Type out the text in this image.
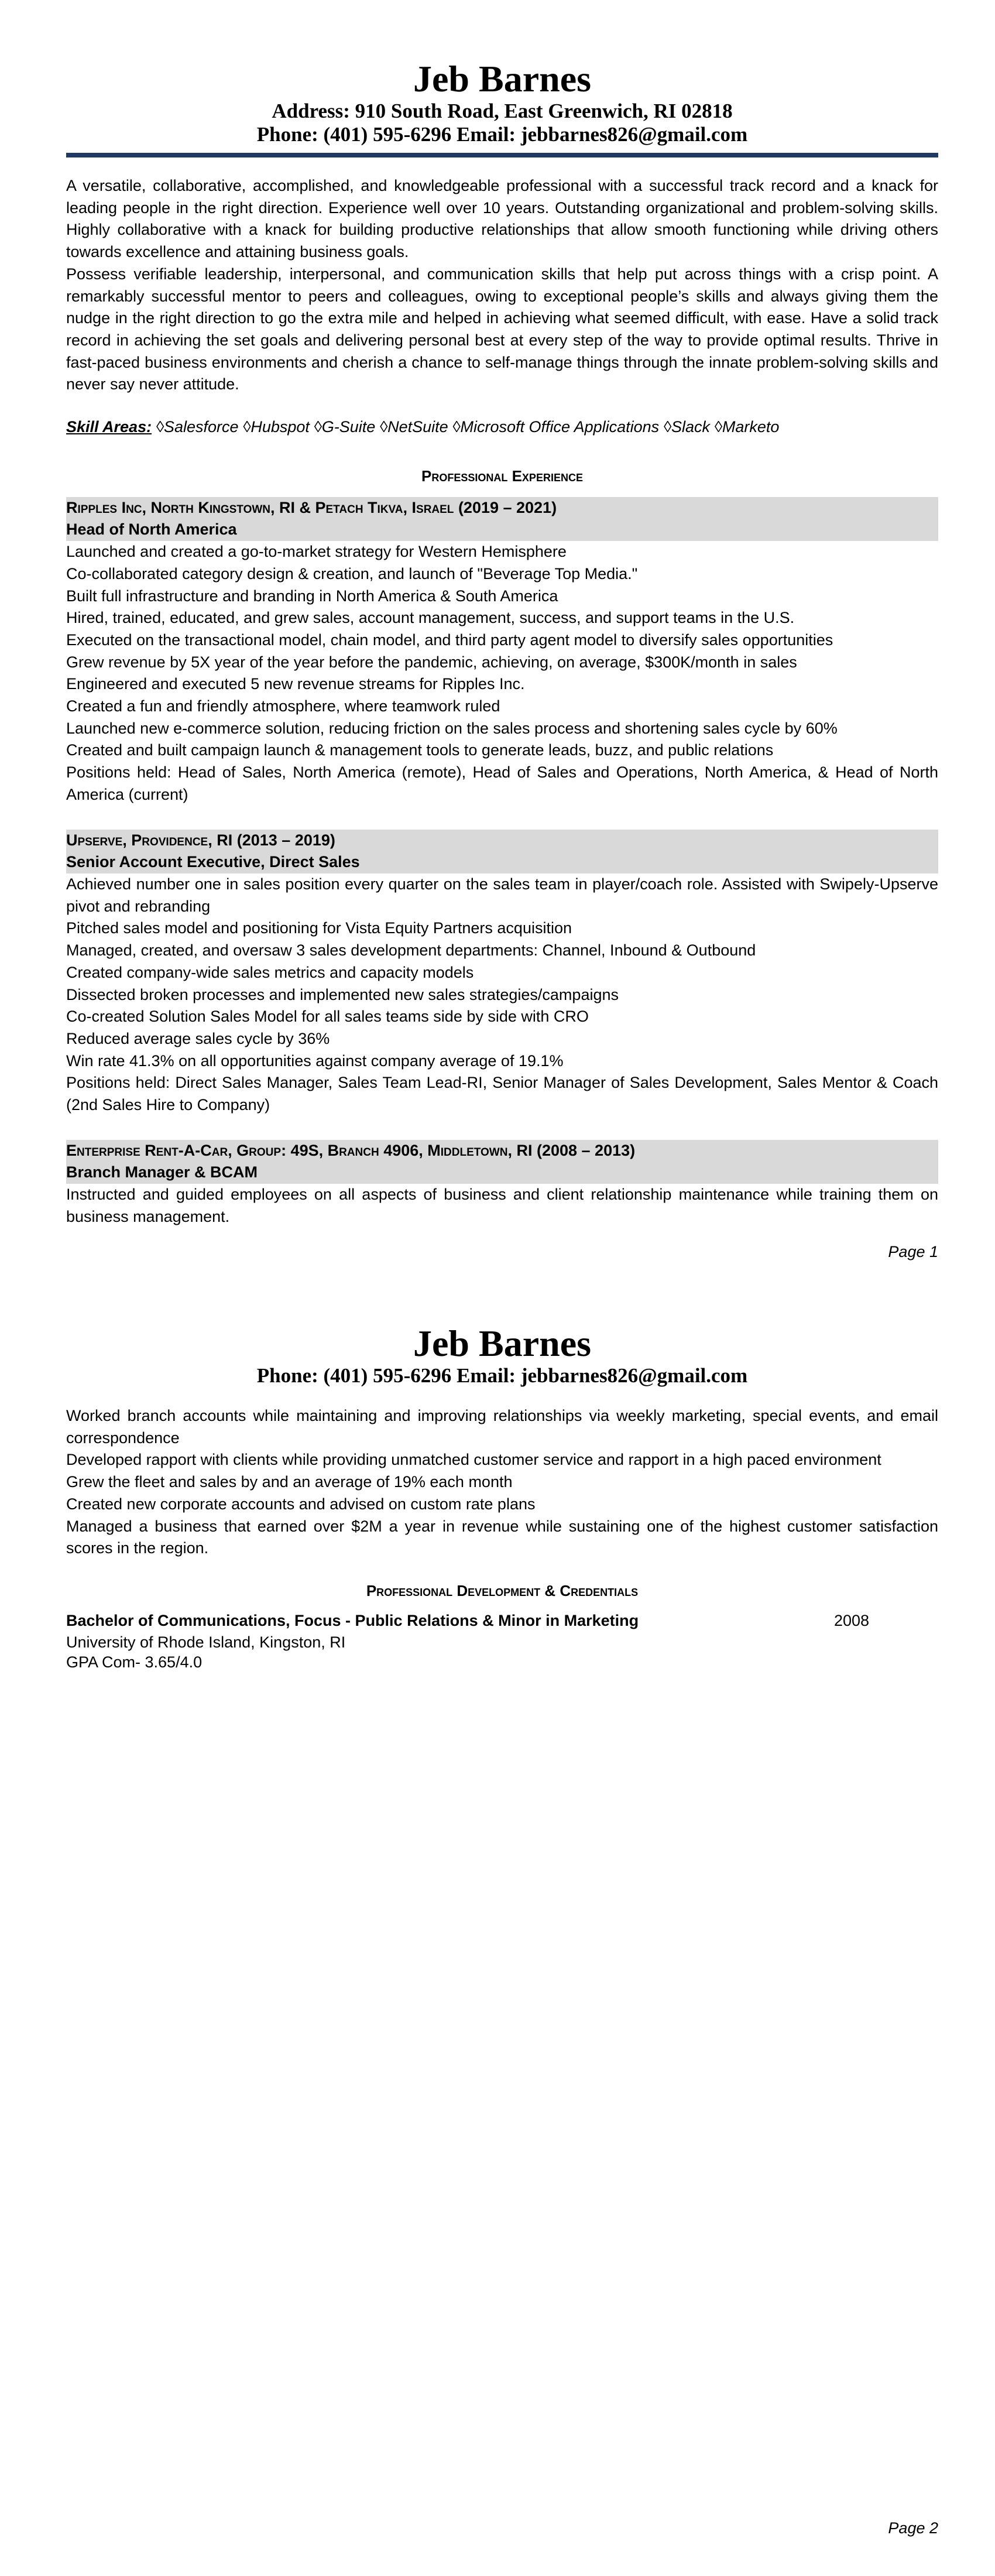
Jeb Barnes

Address: 910 South Road, East Greenwich, RI 02818

Phone: (401) 595-6296 Email: jebbarnes826@gmail.com

A versatile, collaborative, accomplished, and knowledgeable professional with a successful track record and a knack for leading people in the right direction. Experience well over 10 years. Outstanding organizational and problem-solving skills. Highly collaborative with a knack for building productive relationships that allow smooth functioning while driving others towards excellence and attaining business goals.

Possess verifiable leadership, interpersonal, and communication skills that help put across things with a crisp point. A remarkably successful mentor to peers and colleagues, owing to exceptional people’s skills and always giving them the nudge in the right direction to go the extra mile and helped in achieving what seemed difficult, with ease. Have a solid track record in achieving the set goals and delivering personal best at every step of the way to provide optimal results. Thrive in fast-paced business environments and cherish a chance to self-manage things through the innate problem-solving skills and never say never attitude.

Skill Areas: ◊Salesforce ◊Hubspot ◊G-Suite ◊NetSuite ◊Microsoft Office Applications ◊Slack ◊Marketo
Professional Experience
Ripples Inc, North Kingstown, RI & Petach Tikva, Israel (2019 – 2021)
Head of North America

Launched and created a go-to-market strategy for Western Hemisphere

Co-collaborated category design & creation, and launch of "Beverage Top Media."

Built full infrastructure and branding in North America & South America

Hired, trained, educated, and grew sales, account management, success, and support teams in the U.S.

Executed on the transactional model, chain model, and third party agent model to diversify sales opportunities

Grew revenue by 5X year of the year before the pandemic, achieving, on average, $300K/month in sales

Engineered and executed 5 new revenue streams for Ripples Inc.

Created a fun and friendly atmosphere, where teamwork ruled

Launched new e-commerce solution, reducing friction on the sales process and shortening sales cycle by 60%

Created and built campaign launch & management tools to generate leads, buzz, and public relations

Positions held: Head of Sales, North America (remote), Head of Sales and Operations, North America, & Head of North America (current)

Upserve, Providence, RI (2013 – 2019)
Senior Account Executive, Direct Sales

Achieved number one in sales position every quarter on the sales team in player/coach role. Assisted with Swipely-Upserve pivot and rebranding

Pitched sales model and positioning for Vista Equity Partners acquisition

Managed, created, and oversaw 3 sales development departments: Channel, Inbound & Outbound

Created company-wide sales metrics and capacity models

Dissected broken processes and implemented new sales strategies/campaigns

Co-created Solution Sales Model for all sales teams side by side with CRO

Reduced average sales cycle by 36%

Win rate 41.3% on all opportunities against company average of 19.1%

Positions held: Direct Sales Manager, Sales Team Lead-RI, Senior Manager of Sales Development, Sales Mentor & Coach (2nd Sales Hire to Company)

Enterprise Rent-A-Car, Group: 49S, Branch 4906, Middletown, RI (2008 – 2013)
Branch Manager & BCAM

Instructed and guided employees on all aspects of business and client relationship maintenance while training them on business management.

Page 1
Jeb Barnes

Phone: (401) 595-6296 Email: jebbarnes826@gmail.com

Worked branch accounts while maintaining and improving relationships via weekly marketing, special events, and email correspondence

Developed rapport with clients while providing unmatched customer service and rapport in a high paced environment

Grew the fleet and sales by and an average of 19% each month

Created new corporate accounts and advised on custom rate plans

Managed a business that earned over $2M a year in revenue while sustaining one of the highest customer satisfaction scores in the region.

Professional Development & Credentials
Bachelor of Communications, Focus - Public Relations & Minor in Marketing	2008
University of Rhode Island, Kingston, RI
GPA Com- 3.65/4.0
Page 2
